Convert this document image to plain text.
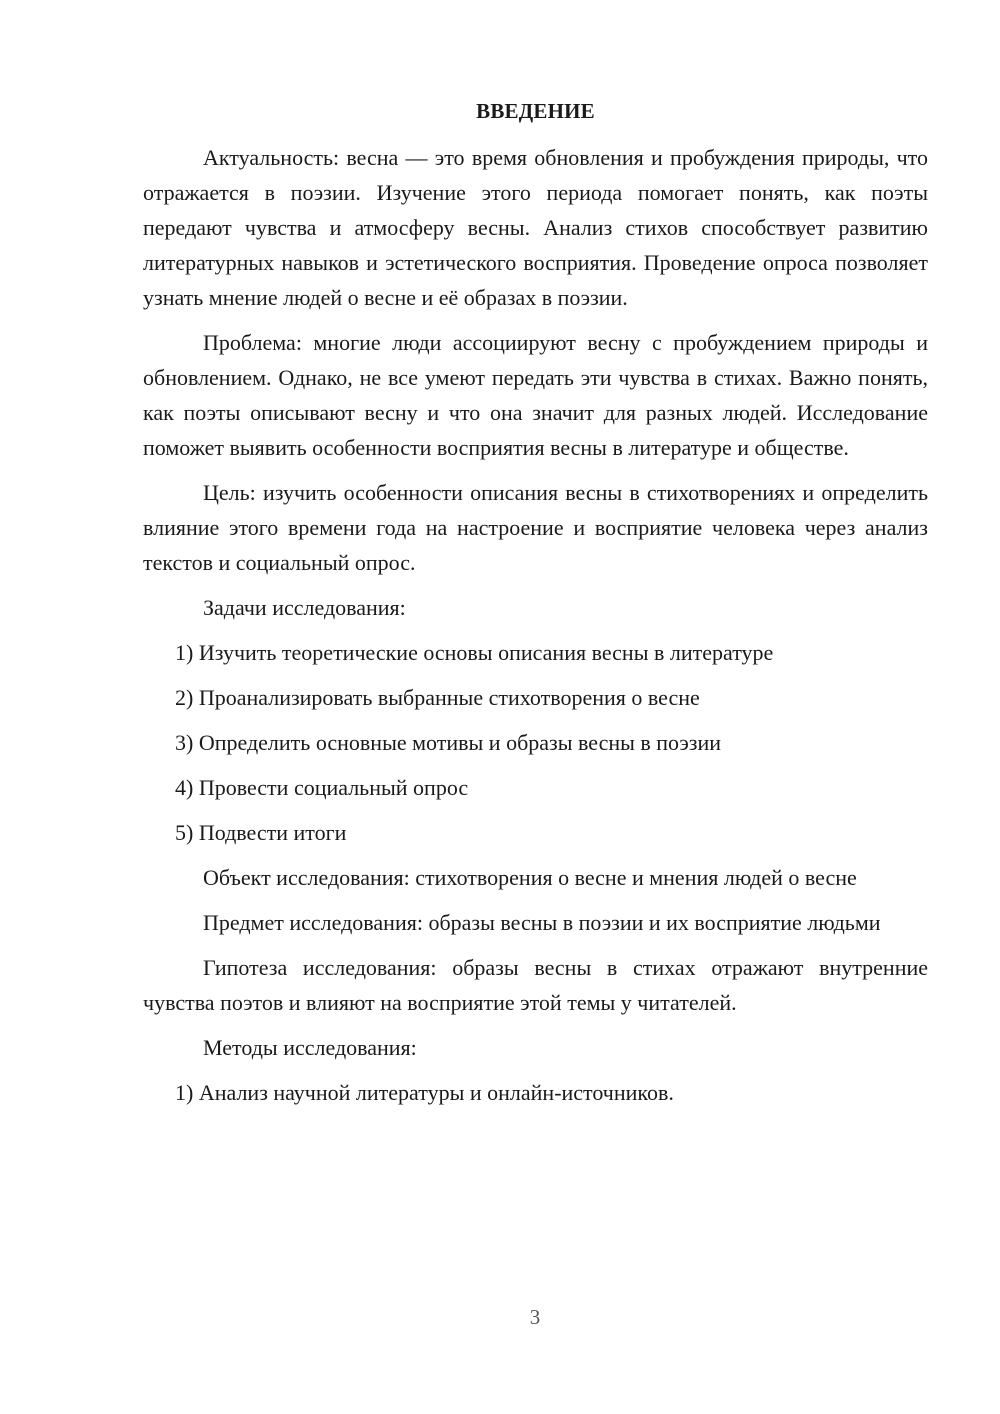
ВВЕДЕНИЕ

Актуальность: весна — это время обновления и пробуждения природы, что отражается в поэзии. Изучение этого периода помогает понять, как поэты передают чувства и атмосферу весны. Анализ стихов способствует развитию литературных навыков и эстетического восприятия. Проведение опроса позволяет узнать мнение людей о весне и её образах в поэзии.

Проблема: многие люди ассоциируют весну с пробуждением природы и обновлением. Однако, не все умеют передать эти чувства в стихах. Важно понять, как поэты описывают весну и что она значит для разных людей. Исследование поможет выявить особенности восприятия весны в литературе и обществе.

Цель: изучить особенности описания весны в стихотворениях и определить влияние этого времени года на настроение и восприятие человека через анализ текстов и социальный опрос.

Задачи исследования:

1) Изучить теоретические основы описания весны в литературе

2) Проанализировать выбранные стихотворения о весне

3) Определить основные мотивы и образы весны в поэзии

4) Провести социальный опрос

5) Подвести итоги

Объект исследования: стихотворения о весне и мнения людей о весне

Предмет исследования: образы весны в поэзии и их восприятие людьми

Гипотеза исследования: образы весны в стихах отражают внутренние чувства поэтов и влияют на восприятие этой темы у читателей.

Методы исследования:

1) Анализ научной литературы и онлайн-источников.

3
